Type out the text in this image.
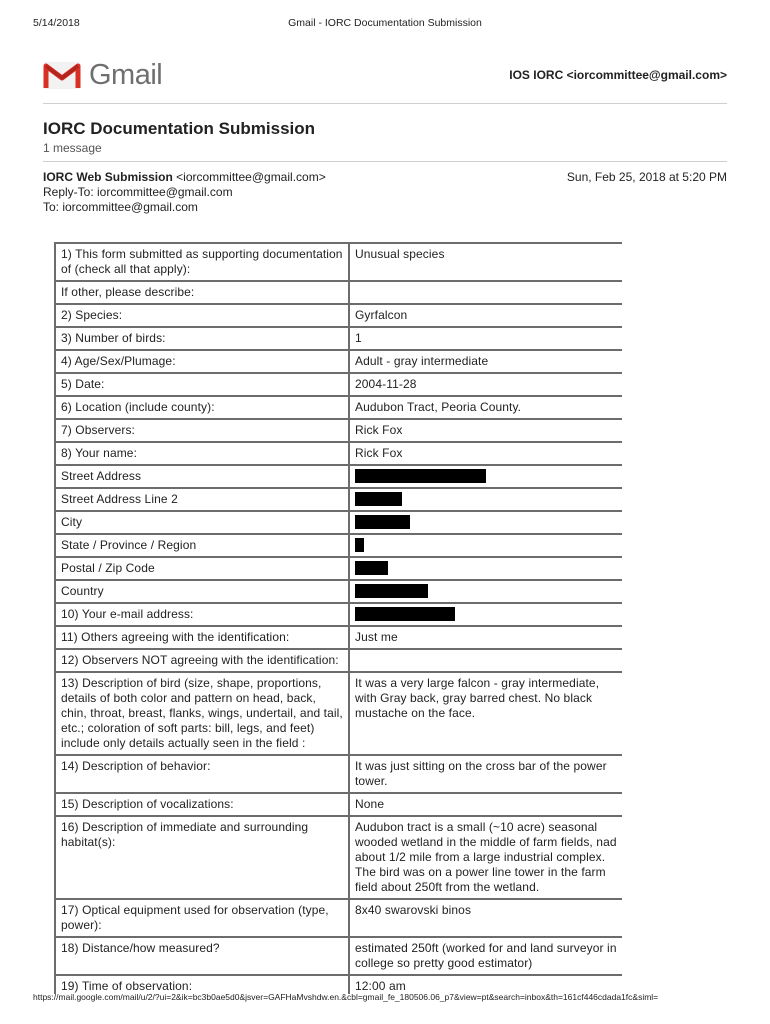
5/14/2018	Gmail - IORC Documentation Submission
Gmail	IOS IORC <iorcommittee@gmail.com>
IORC Documentation Submission
1 message
IORC Web Submission <iorcommittee@gmail.com>
Reply-To: iorcommittee@gmail.com
To: iorcommittee@gmail.com
Sun, Feb 25, 2018 at 5:20 PM
1) This form submitted as supporting documentation of (check all that apply):	Unusual species
If other, please describe:	
2) Species:	Gyrfalcon
3) Number of birds:	1
4) Age/Sex/Plumage:	Adult - gray intermediate
5) Date:	2004-11-28
6) Location (include county):	Audubon Tract, Peoria County.
7) Observers:	Rick Fox
8) Your name:	Rick Fox
Street Address	
Street Address Line 2	
City	
State / Province / Region	
Postal / Zip Code	
Country	
10) Your e-mail address:	
11) Others agreeing with the identification:	Just me
12) Observers NOT agreeing with the identification:	
13) Description of bird (size, shape, proportions, details of both color and pattern on head, back, chin, throat, breast, flanks, wings, undertail, and tail, etc.; coloration of soft parts: bill, legs, and feet) include only details actually seen in the field :	It was a very large falcon - gray intermediate, with Gray back, gray barred chest. No black mustache on the face.
14) Description of behavior:	It was just sitting on the cross bar of the power tower.
15) Description of vocalizations:	None
16) Description of immediate and surrounding habitat(s):	Audubon tract is a small (~10 acre) seasonal wooded wetland in the middle of farm fields, nad about 1/2 mile from a large industrial complex. The bird was on a power line tower in the farm field about 250ft from the wetland.
17) Optical equipment used for observation (type, power):	8x40 swarovski binos
18) Distance/how measured?	estimated 250ft (worked for and land surveyor in college so pretty good estimator)
19) Time of observation:	12:00 am

https://mail.google.com/mail/u/2/?ui=2&ik=bc3b0ae5d0&jsver=GAFHaMvshdw.en.&cbl=gmail_fe_180506.06_p7&view=pt&search=inbox&th=161cf446cdada1fc&siml=
